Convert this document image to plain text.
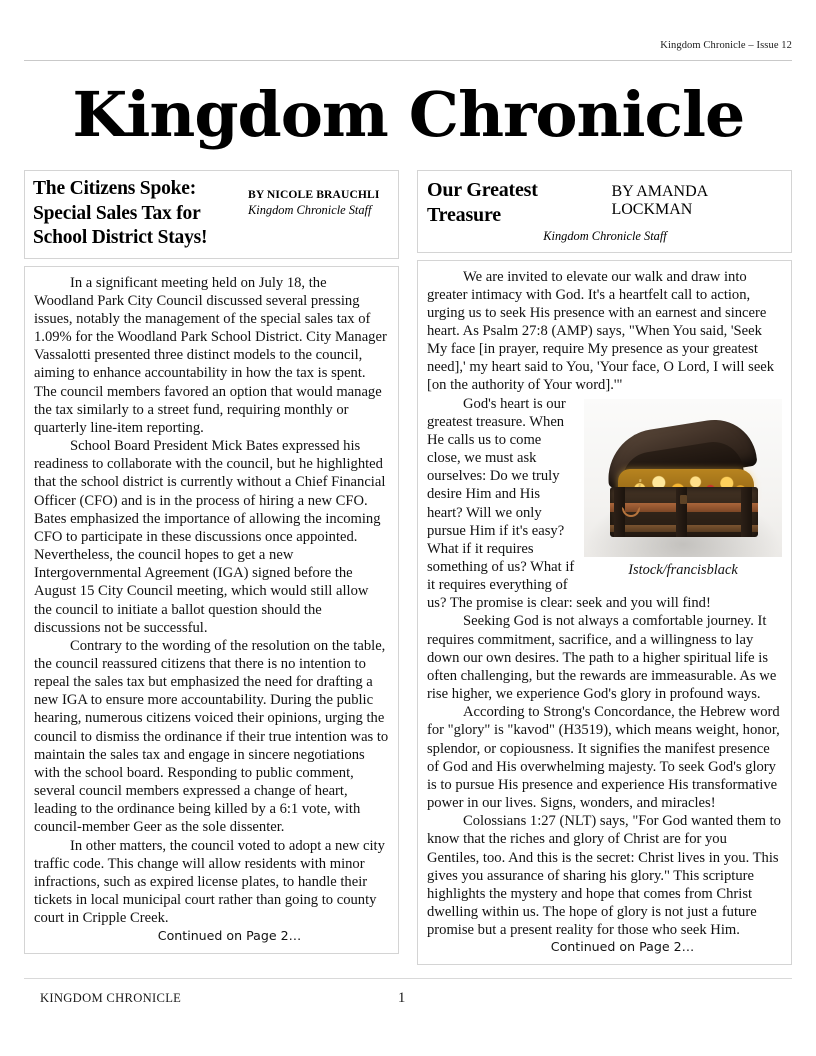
Kingdom Chronicle – Issue 12
Kingdom Chronicle
The Citizens Spoke: Special Sales Tax for School District Stays!
BY NICOLE BRAUCHLI
Kingdom Chronicle Staff

In a significant meeting held on July 18, the Woodland Park City Council discussed several pressing issues, notably the management of the special sales tax of 1.09% for the Woodland Park School District. City Manager Vassalotti presented three distinct models to the council, aiming to enhance accountability in how the tax is spent. The council members favored an option that would manage the tax similarly to a street fund, requiring monthly or quarterly line-item reporting.

School Board President Mick Bates expressed his readiness to collaborate with the council, but he highlighted that the school district is currently without a Chief Financial Officer (CFO) and is in the process of hiring a new CFO. Bates emphasized the importance of allowing the incoming CFO to participate in these discussions once appointed. Nevertheless, the council hopes to get a new Intergovernmental Agreement (IGA) signed before the August 15 City Council meeting, which would still allow the council to initiate a ballot question should the discussions not be successful.

Contrary to the wording of the resolution on the table, the council reassured citizens that there is no intention to repeal the sales tax but emphasized the need for drafting a new IGA to ensure more accountability. During the public hearing, numerous citizens voiced their opinions, urging the council to dismiss the ordinance if their true intention was to maintain the sales tax and engage in sincere negotiations with the school board. Responding to public comment, several council members expressed a change of heart, leading to the ordinance being killed by a 6:1 vote, with council-member Geer as the sole dissenter.

In other matters, the council voted to adopt a new city traffic code. This change will allow residents with minor infractions, such as expired license plates, to handle their tickets in local municipal court rather than going to county court in Cripple Creek.

Continued on Page 2…

Our Greatest Treasure
BY AMANDA LOCKMAN
Kingdom Chronicle Staff

We are invited to elevate our walk and draw into greater intimacy with God. It's a heartfelt call to action, urging us to seek His presence with an earnest and sincere heart. As Psalm 27:8 (AMP) says, "When You said, 'Seek My face [in prayer, require My presence as your greatest need],' my heart said to You, 'Your face, O Lord, I will seek [on the authority of Your word].'"

Istock/francisblack

God's heart is our greatest treasure. When He calls us to come close, we must ask ourselves: Do we truly desire Him and His heart? Will we only pursue Him if it's easy? What if it requires something of us? What if it requires everything of us? The promise is clear: seek and you will find!

Seeking God is not always a comfortable journey. It requires commitment, sacrifice, and a willingness to lay down our own desires. The path to a higher spiritual life is often challenging, but the rewards are immeasurable. As we rise higher, we experience God's glory in profound ways.

According to Strong's Concordance, the Hebrew word for "glory" is "kavod" (H3519), which means weight, honor, splendor, or copiousness. It signifies the manifest presence of God and His overwhelming majesty. To seek God's glory is to pursue His presence and experience His transformative power in our lives. Signs, wonders, and miracles!

Colossians 1:27 (NLT) says, "For God wanted them to know that the riches and glory of Christ are for you Gentiles, too. And this is the secret: Christ lives in you. This gives you assurance of sharing his glory." This scripture highlights the mystery and hope that comes from Christ dwelling within us. The hope of glory is not just a future promise but a present reality for those who seek Him.

Continued on Page 2…

KINGDOM CHRONICLE	1
